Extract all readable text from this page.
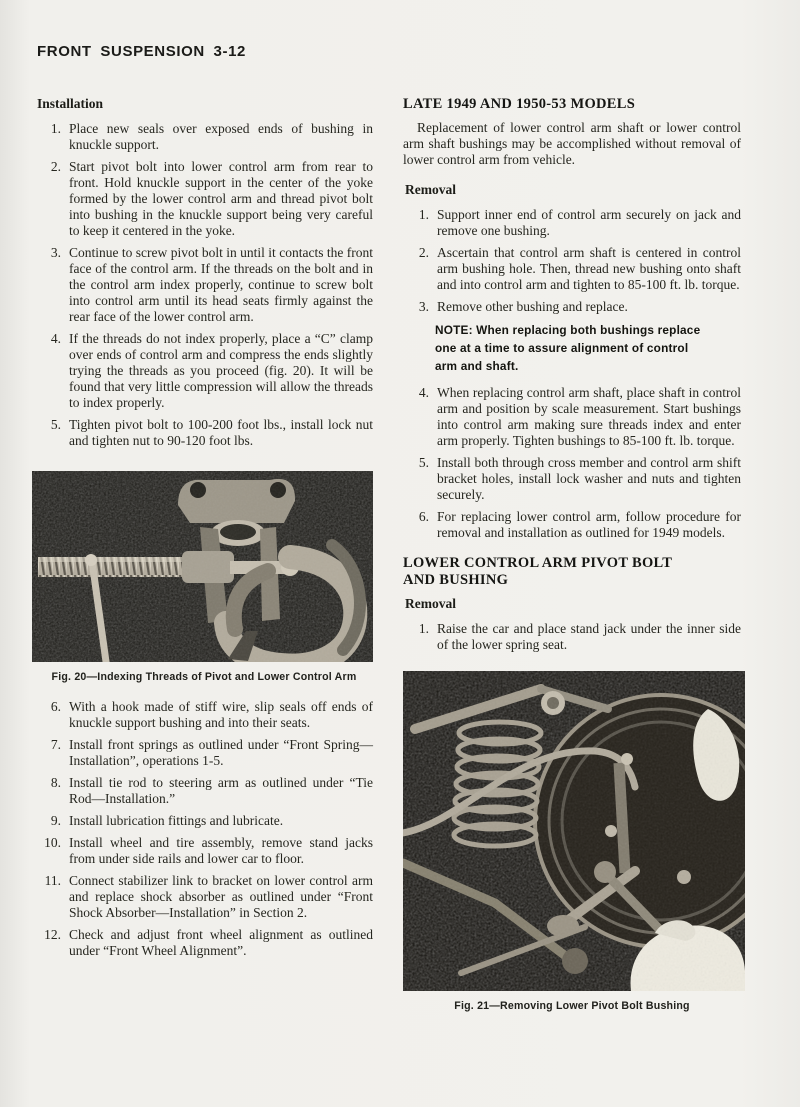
FRONT SUSPENSION 3-12
Installation
1. Place new seals over exposed ends of bushing in knuckle support.
2. Start pivot bolt into lower control arm from rear to front. Hold knuckle support in the center of the yoke formed by the lower control arm and thread pivot bolt into bushing in the knuckle support being very careful to keep it centered in the yoke.
3. Continue to screw pivot bolt in until it contacts the front face of the control arm. If the threads on the bolt and in the control arm index properly, continue to screw bolt into control arm until its head seats firmly against the rear face of the lower control arm.
4. If the threads do not index properly, place a “C” clamp over ends of control arm and compress the ends slightly trying the threads as you proceed (fig. 20). It will be found that very little compression will allow the threads to index properly.
5. Tighten pivot bolt to 100-200 foot lbs., install lock nut and tighten nut to 90-120 foot lbs.
Fig. 20—Indexing Threads of Pivot and Lower Control Arm
6. With a hook made of stiff wire, slip seals off ends of knuckle support bushing and into their seats.
7. Install front springs as outlined under “Front Spring—Installation”, operations 1-5.
8. Install tie rod to steering arm as outlined under “Tie Rod—Installation.”
9. Install lubrication fittings and lubricate.
10. Install wheel and tire assembly, remove stand jacks from under side rails and lower car to floor.
11. Connect stabilizer link to bracket on lower control arm and replace shock absorber as outlined under “Front Shock Absorber—Installation” in Section 2.
12. Check and adjust front wheel alignment as outlined under “Front Wheel Alignment”.
LATE 1949 AND 1950-53 MODELS
Replacement of lower control arm shaft or lower control arm shaft bushings may be accomplished without removal of lower control arm from vehicle.
Removal
1. Support inner end of control arm securely on jack and remove one bushing.
2. Ascertain that control arm shaft is centered in control arm bushing hole. Then, thread new bushing onto shaft and into control arm and tighten to 85-100 ft. lb. torque.
3. Remove other bushing and replace.
NOTE: When replacing both bushings replace one at a time to assure alignment of control arm and shaft.
4. When replacing control arm shaft, place shaft in control arm and position by scale measurement. Start bushings into control arm making sure threads index and enter arm properly. Tighten bushings to 85-100 ft. lb. torque.
5. Install both through cross member and control arm shift bracket holes, install lock washer and nuts and tighten securely.
6. For replacing lower control arm, follow procedure for removal and installation as outlined for 1949 models.
LOWER CONTROL ARM PIVOT BOLT
AND BUSHING
Removal
1. Raise the car and place stand jack under the inner side of the lower spring seat.
Fig. 21—Removing Lower Pivot Bolt Bushing
